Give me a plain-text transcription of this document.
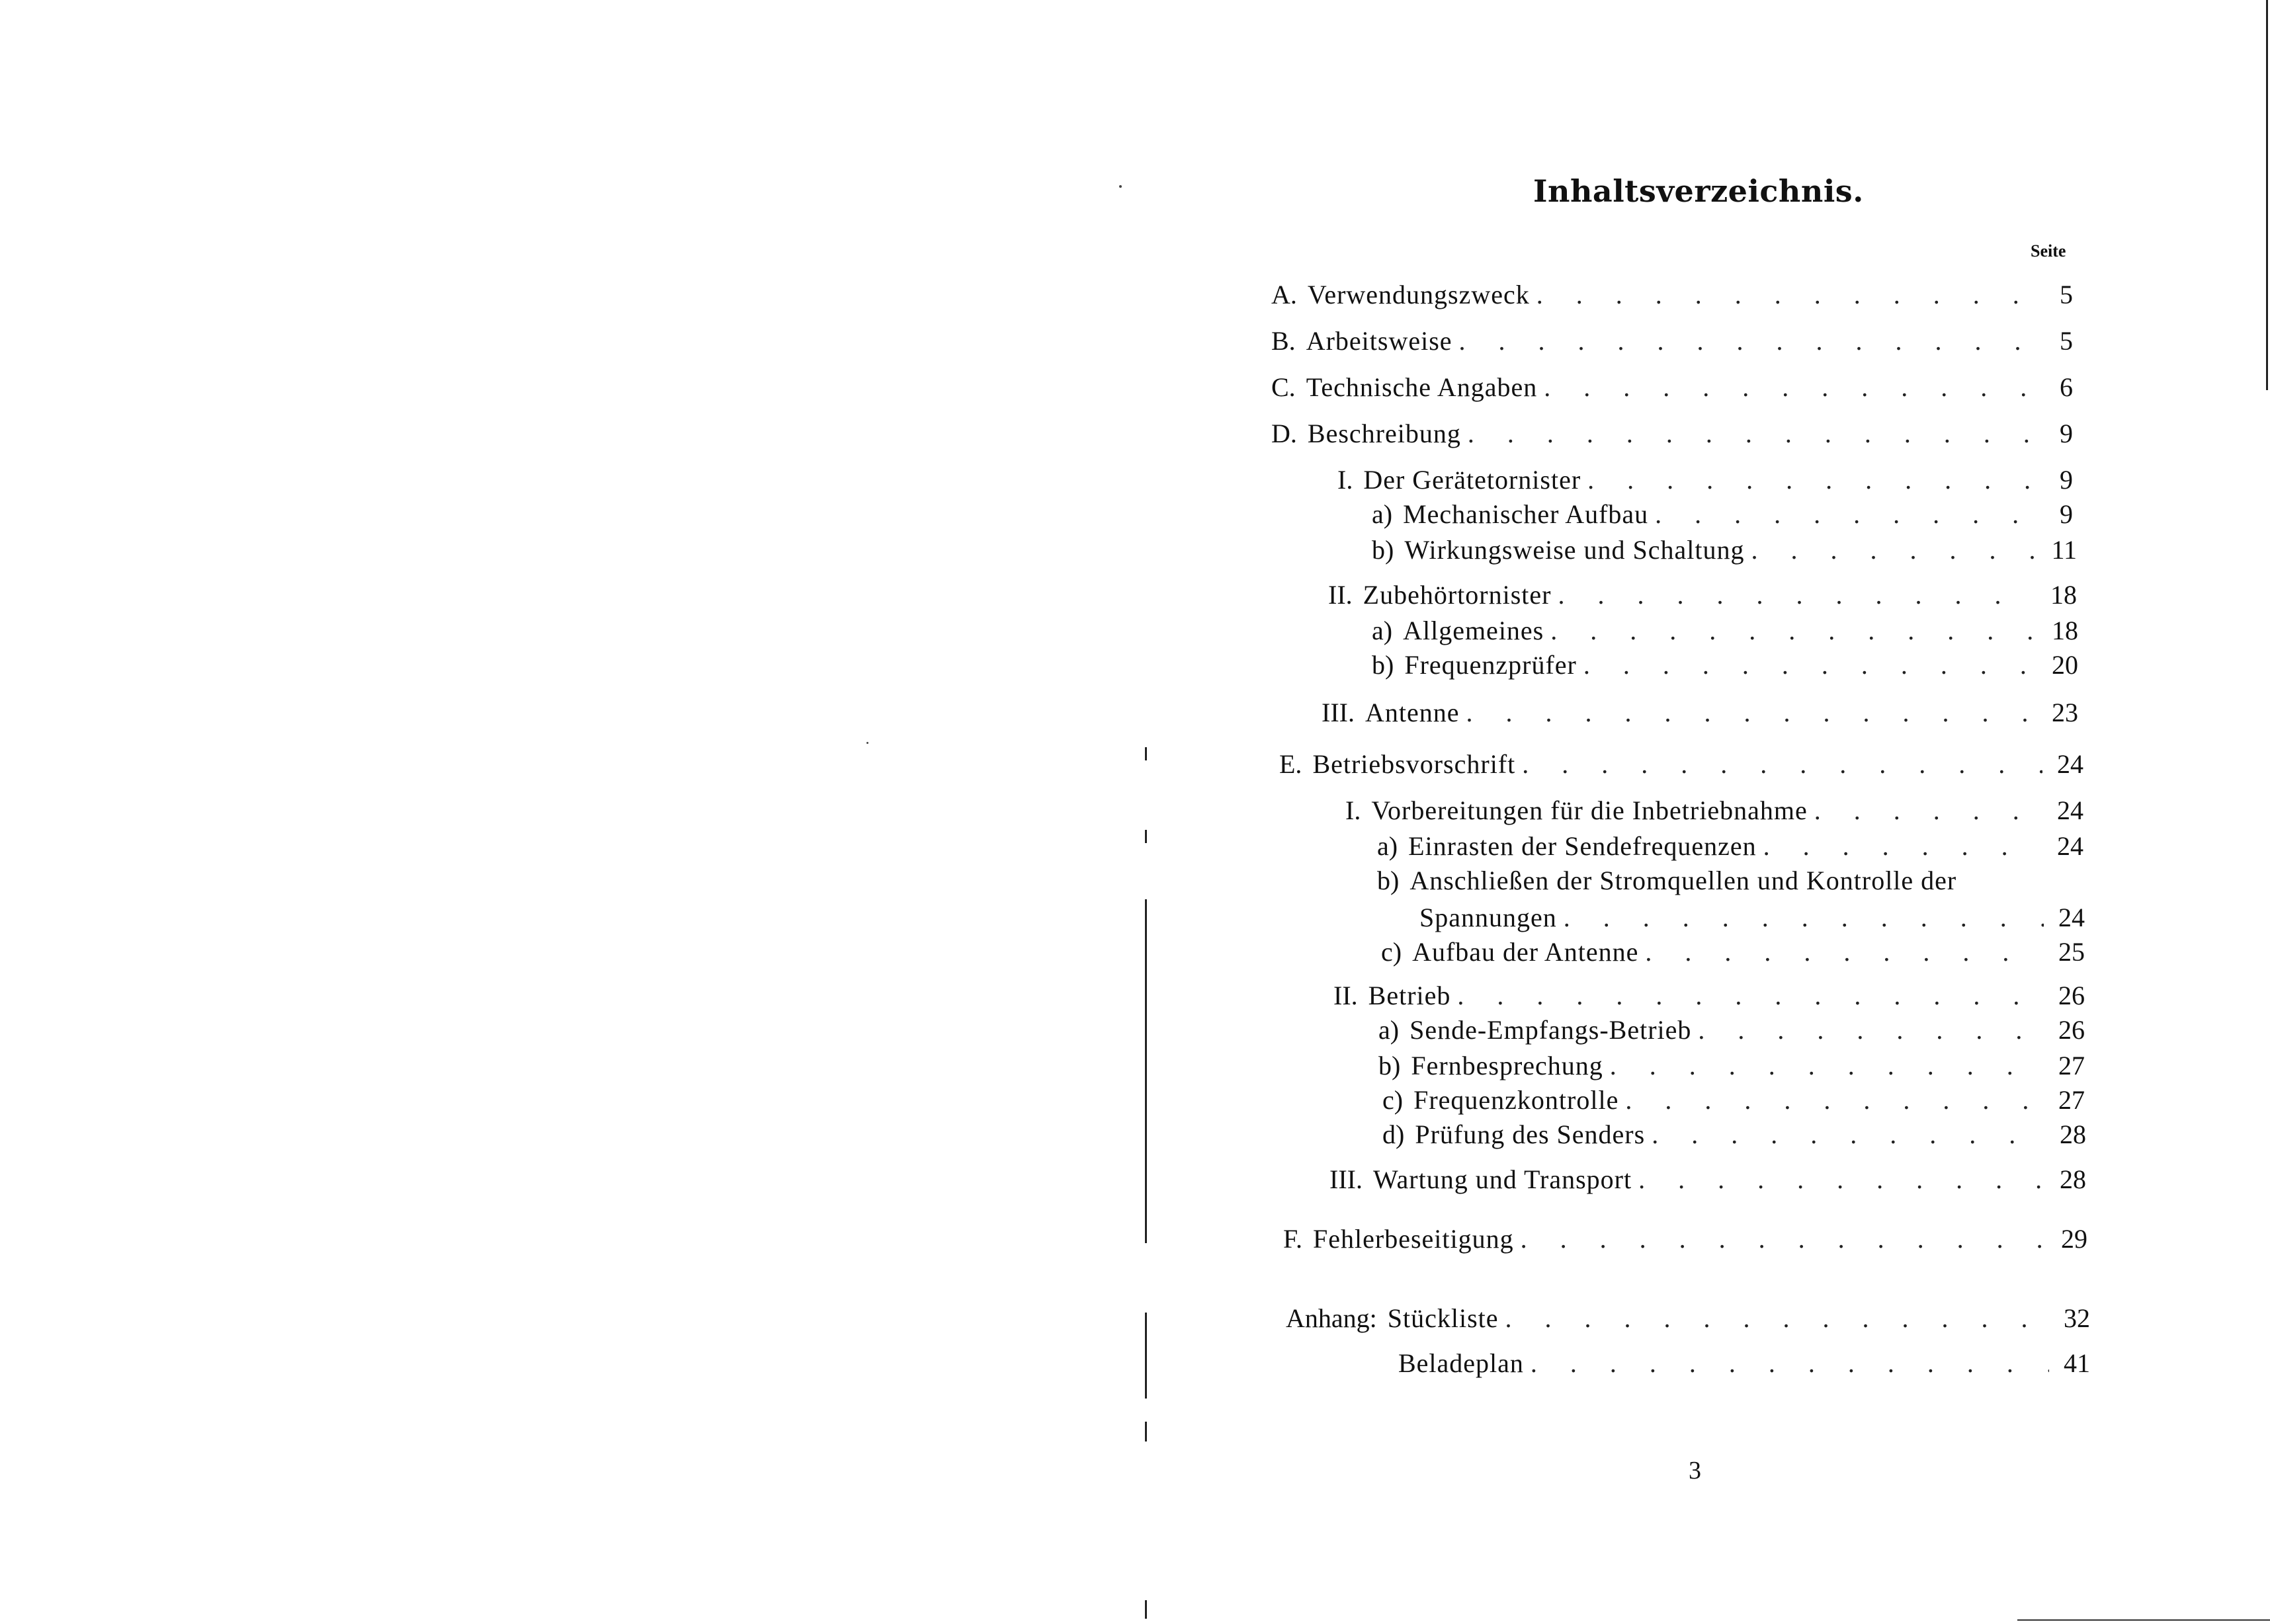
Inhaltsverzeichnis.
Seite
A. Verwendungszweck . . .	5
B. Arbeitsweise . . .	5
C. Technische Angaben . . .	6
D. Beschreibung . . .	9
I. Der Gerätetornister . . .	9
a) Mechanischer Aufbau . . .	9
b) Wirkungsweise und Schaltung . . .	11
II. Zubehörtornister . . .	18
a) Allgemeines . . .	18
b) Frequenzprüfer . . .	20
III. Antenne . . .	23
E. Betriebsvorschrift . . .	24
I. Vorbereitungen für die Inbetriebnahme . . .	24
a) Einrasten der Sendefrequenzen . . .	24
b) Anschließen der Stromquellen und Kontrolle der
Spannungen . . .	24
c) Aufbau der Antenne . . .	25
II. Betrieb . . .	26
a) Sende-Empfangs-Betrieb . . .	26
b) Fernbesprechung . . .	27
c) Frequenzkontrolle . . .	27
d) Prüfung des Senders . . .	28
III. Wartung und Transport . . .	28
F. Fehlerbeseitigung . . .	29
Anhang: Stückliste . . .	32
Beladeplan . . .	41
3
